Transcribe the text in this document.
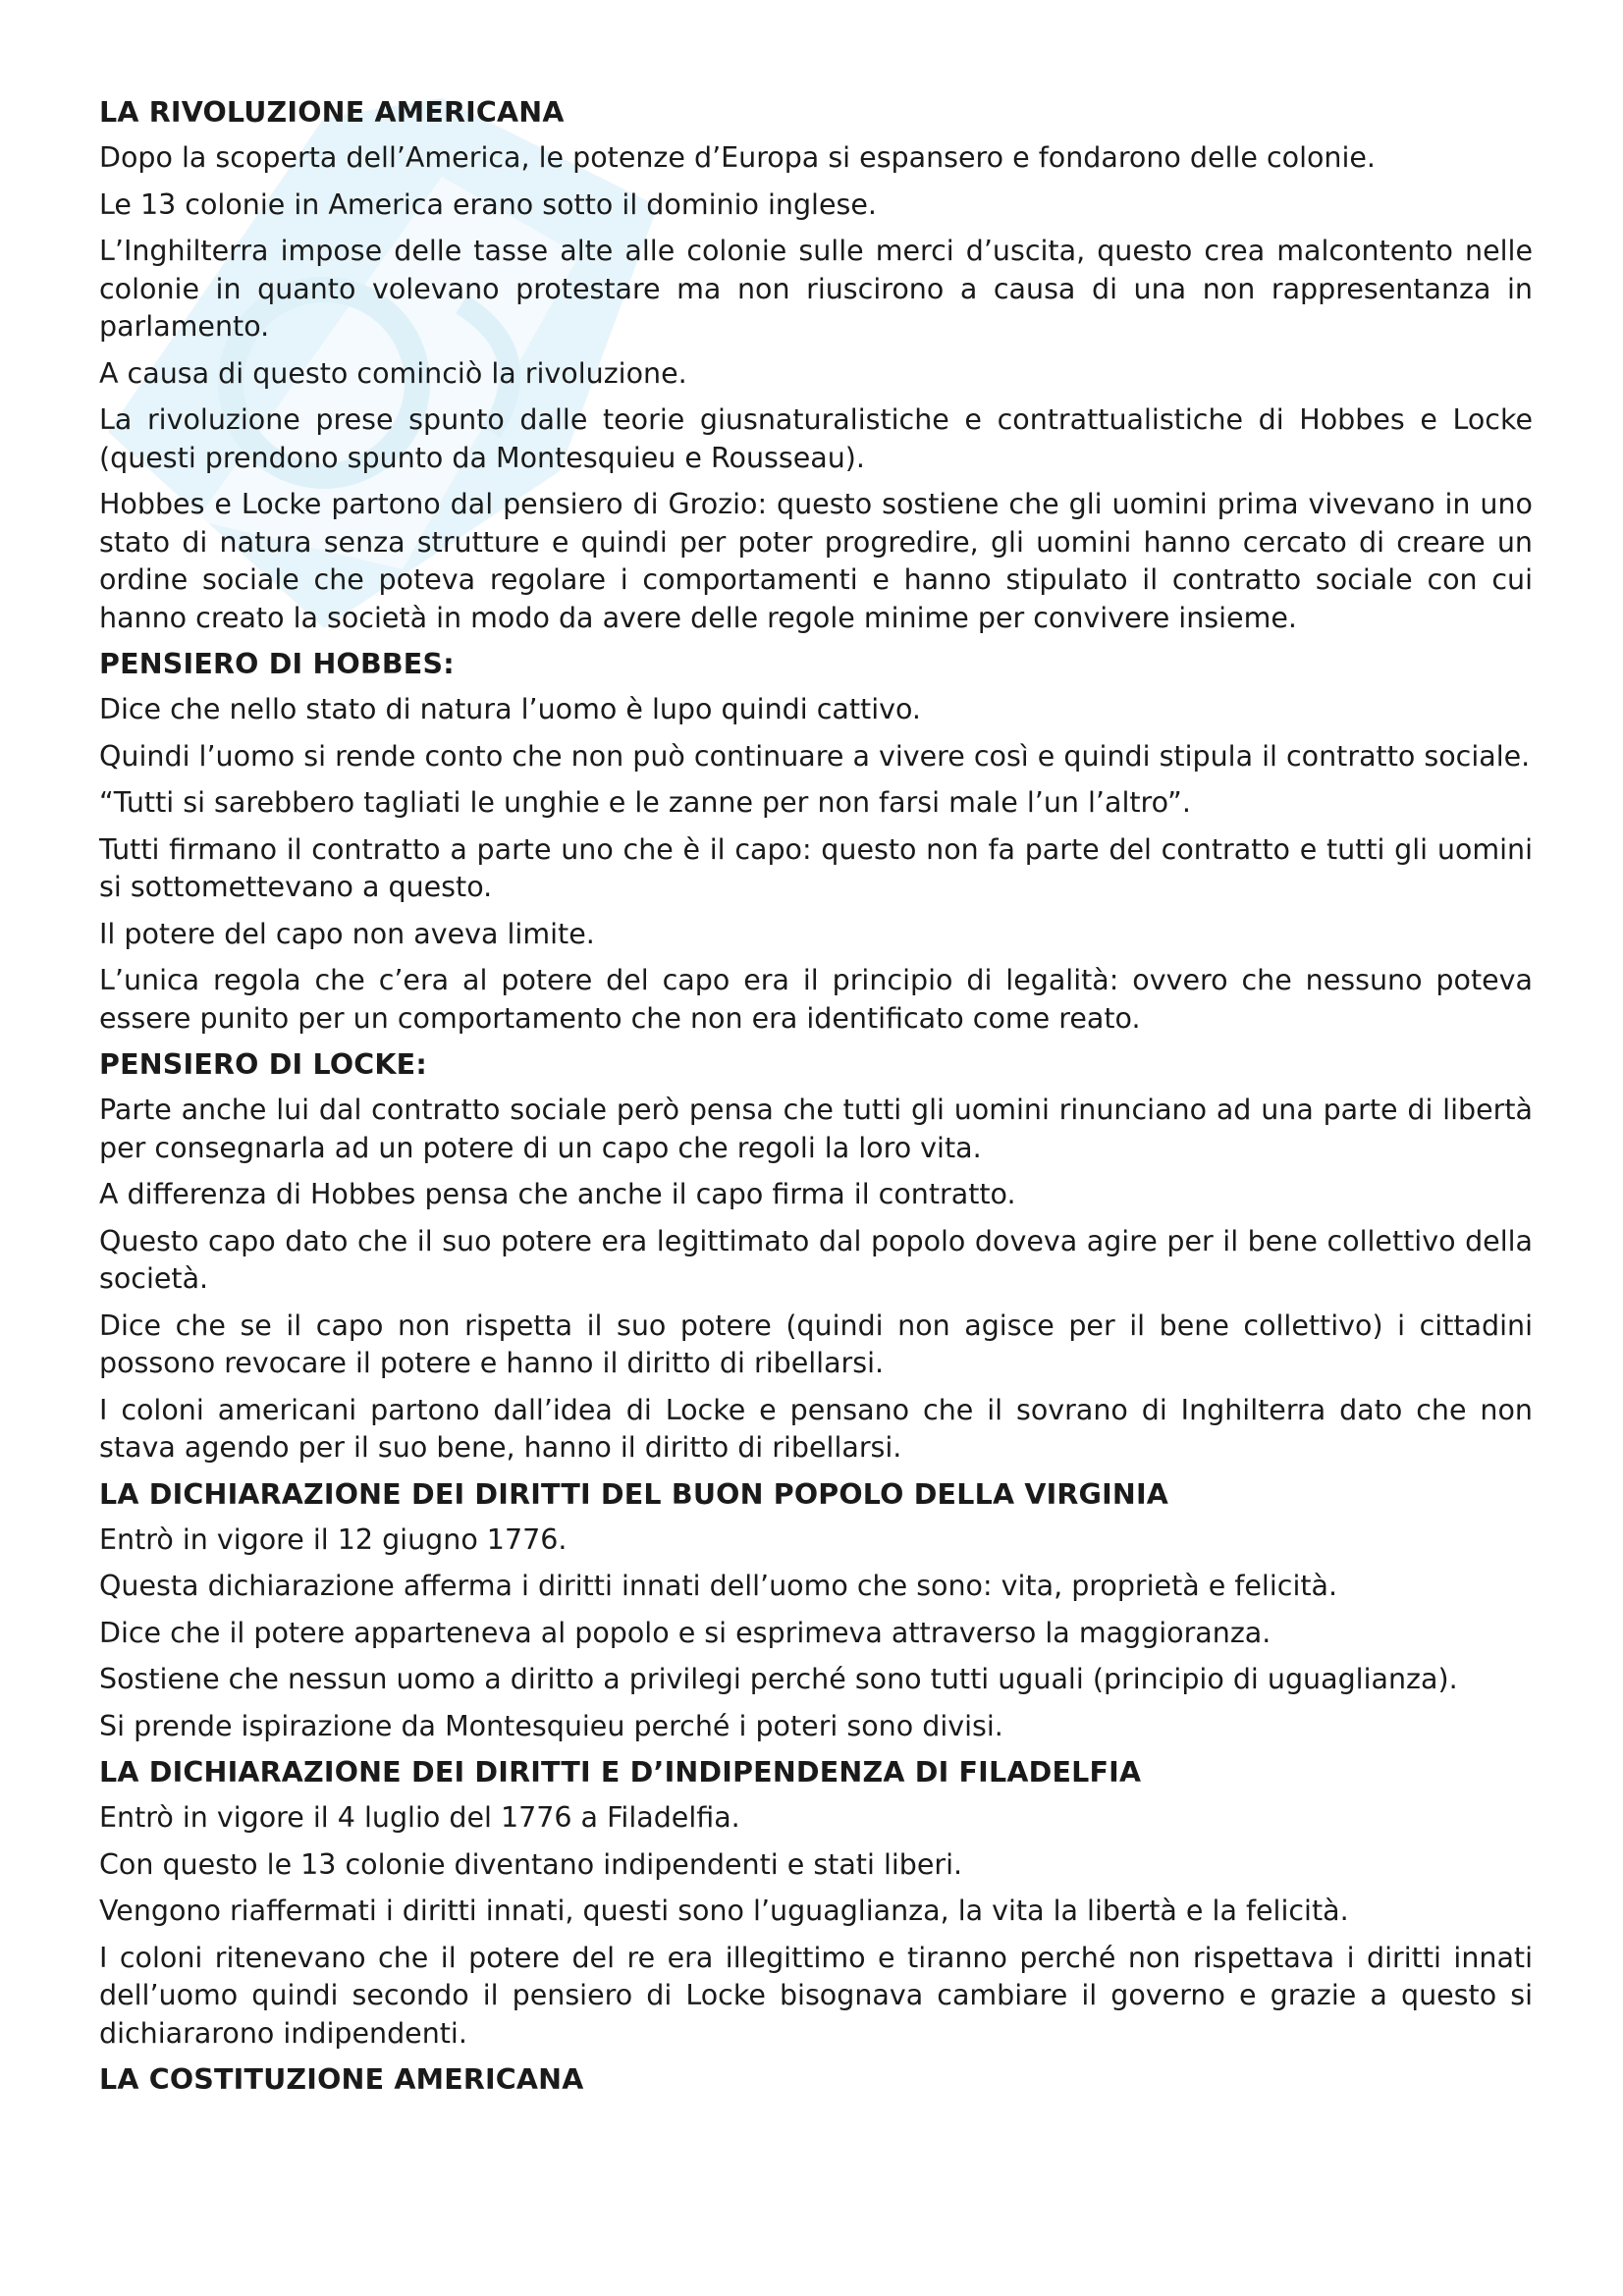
LA RIVOLUZIONE AMERICANA

Dopo la scoperta dell’America, le potenze d’Europa si espansero e fondarono delle colonie.

Le 13 colonie in America erano sotto il dominio inglese.

L’Inghilterra impose delle tasse alte alle colonie sulle merci d’uscita, questo crea malcontento nelle colonie in quanto volevano protestare ma non riuscirono a causa di una non rappresentanza in parlamento.

A causa di questo cominciò la rivoluzione.

La rivoluzione prese spunto dalle teorie giusnaturalistiche e contrattualistiche di Hobbes e Locke (questi prendono spunto da Montesquieu e Rousseau).

Hobbes e Locke partono dal pensiero di Grozio: questo sostiene che gli uomini prima vivevano in uno stato di natura senza strutture e quindi per poter progredire, gli uomini hanno cercato di creare un ordine sociale che poteva regolare i comportamenti e hanno stipulato il contratto sociale con cui hanno creato la società in modo da avere delle regole minime per convivere insieme.

PENSIERO DI HOBBES:

Dice che nello stato di natura l’uomo è lupo quindi cattivo.

Quindi l’uomo si rende conto che non può continuare a vivere così e quindi stipula il contratto sociale.

“Tutti si sarebbero tagliati le unghie e le zanne per non farsi male l’un l’altro”.

Tutti firmano il contratto a parte uno che è il capo: questo non fa parte del contratto e tutti gli uomini si sottomettevano a questo.

Il potere del capo non aveva limite.

L’unica regola che c’era al potere del capo era il principio di legalità: ovvero che nessuno poteva essere punito per un comportamento che non era identificato come reato.

PENSIERO DI LOCKE:

Parte anche lui dal contratto sociale però pensa che tutti gli uomini rinunciano ad una parte di libertà per consegnarla ad un potere di un capo che regoli la loro vita.

A differenza di Hobbes pensa che anche il capo firma il contratto.

Questo capo dato che il suo potere era legittimato dal popolo doveva agire per il bene collettivo della società.

Dice che se il capo non rispetta il suo potere (quindi non agisce per il bene collettivo) i cittadini possono revocare il potere e hanno il diritto di ribellarsi.

I coloni americani partono dall’idea di Locke e pensano che il sovrano di Inghilterra dato che non stava agendo per il suo bene, hanno il diritto di ribellarsi.

LA DICHIARAZIONE DEI DIRITTI DEL BUON POPOLO DELLA VIRGINIA

Entrò in vigore il 12 giugno 1776.

Questa dichiarazione afferma i diritti innati dell’uomo che sono: vita, proprietà e felicità.

Dice che il potere apparteneva al popolo e si esprimeva attraverso la maggioranza.

Sostiene che nessun uomo a diritto a privilegi perché sono tutti uguali (principio di uguaglianza).

Si prende ispirazione da Montesquieu perché i poteri sono divisi.

LA DICHIARAZIONE DEI DIRITTI E D’INDIPENDENZA DI FILADELFIA

Entrò in vigore il 4 luglio del 1776 a Filadelfia.

Con questo le 13 colonie diventano indipendenti e stati liberi.

Vengono riaffermati i diritti innati, questi sono l’uguaglianza, la vita la libertà e la felicità.

I coloni ritenevano che il potere del re era illegittimo e tiranno perché non rispettava i diritti innati dell’uomo quindi secondo il pensiero di Locke bisognava cambiare il governo e grazie a questo si dichiararono indipendenti.

LA COSTITUZIONE AMERICANA
